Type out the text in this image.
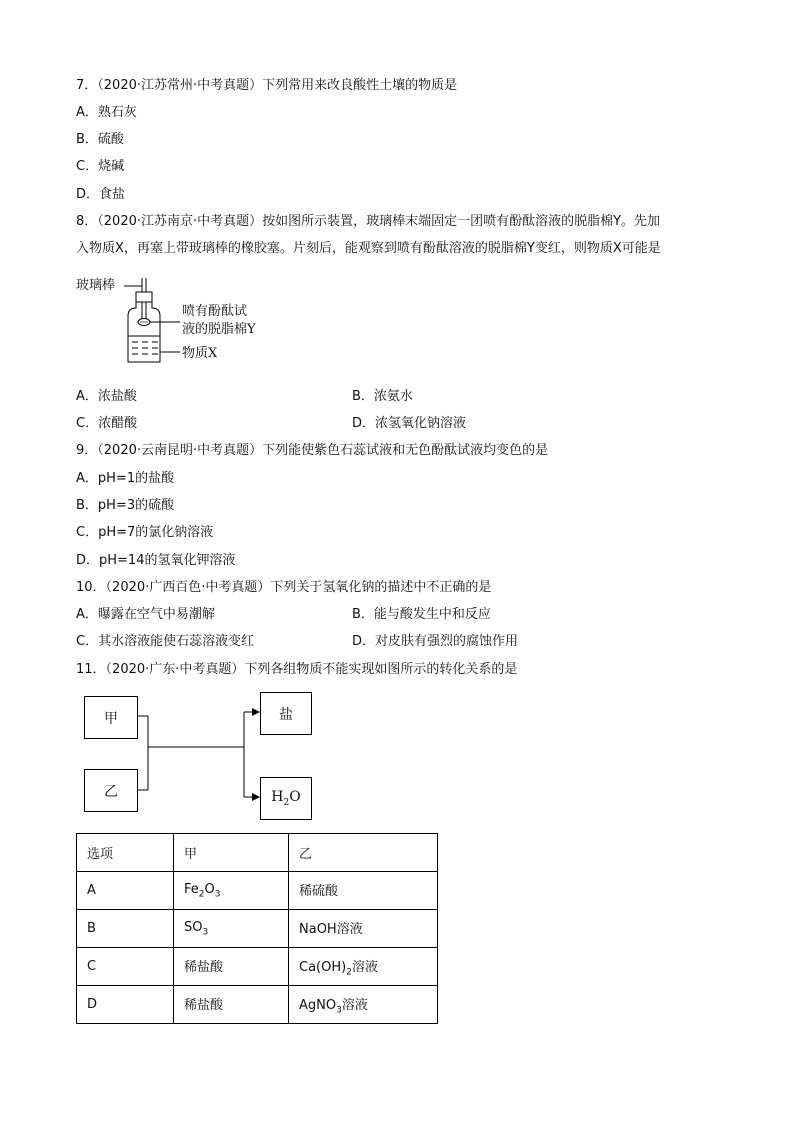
7．（2020·江苏常州·中考真题）下列常用来改良酸性土壤的物质是
A．熟石灰
B．硫酸
C．烧碱
D．食盐
8．（2020·江苏南京·中考真题）按如图所示装置，玻璃棒末端固定一团喷有酚酞溶液的脱脂棉Y。先加
入物质X，再塞上带玻璃棒的橡胶塞。片刻后，能观察到喷有酚酞溶液的脱脂棉Y变红，则物质X可能是
玻璃棒
喷有酚酞试
液的脱脂棉Y
物质X
A．浓盐酸	B．浓氨水
C．浓醋酸	D．浓氢氧化钠溶液
9．（2020·云南昆明·中考真题）下列能使紫色石蕊试液和无色酚酞试液均变色的是
A．pH=1的盐酸
B．pH=3的硫酸
C．pH=7的氯化钠溶液
D．pH=14的氢氧化钾溶液
10．（2020·广西百色·中考真题）下列关于氢氧化钠的描述中不正确的是
A．曝露在空气中易潮解	B．能与酸发生中和反应
C．其水溶液能使石蕊溶液变红	D．对皮肤有强烈的腐蚀作用
11．（2020·广东·中考真题）下列各组物质不能实现如图所示的转化关系的是
甲
乙
盐
$H_2O$
选项	甲	乙
A	$Fe_2O_3$	稀硫酸
B	$SO_3$	NaOH溶液
C	稀盐酸	$Ca(OH)_2$溶液
D	稀盐酸	AgNO$_3$溶液
